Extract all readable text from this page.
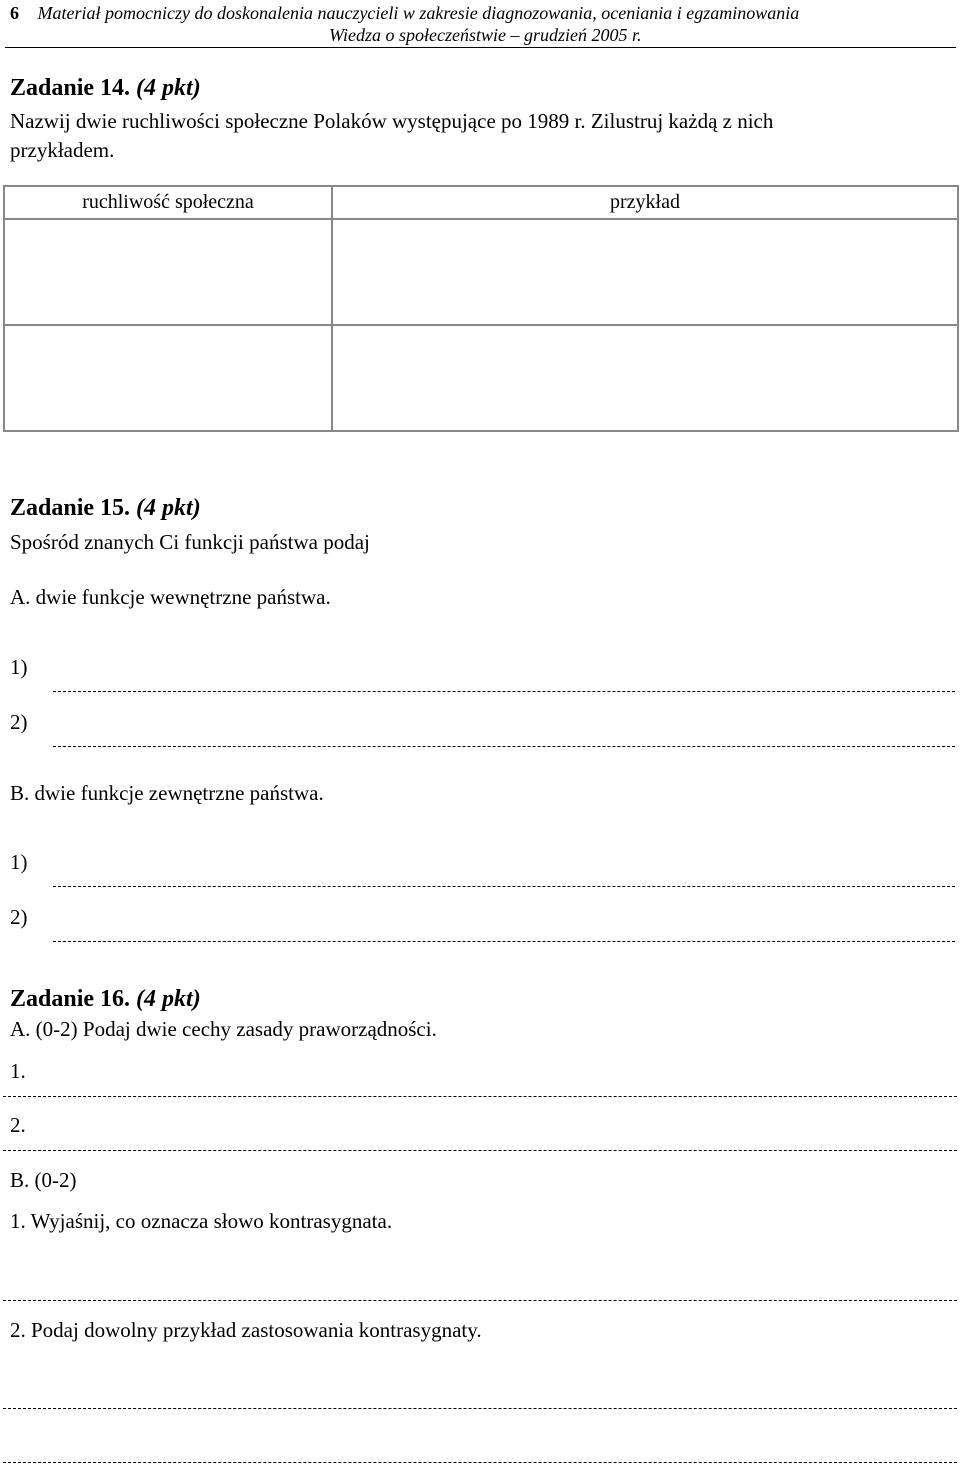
6 Materiał pomocniczy do doskonalenia nauczycieli w zakresie diagnozowania, oceniania i egzaminowania
Wiedza o społeczeństwie – grudzień 2005 r.
Zadanie 14. (4 pkt)
Nazwij dwie ruchliwości społeczne Polaków występujące po 1989 r. Zilustruj każdą z nich
przykładem.
ruchliwość społeczna	przykład

Zadanie 15. (4 pkt)
Spośród znanych Ci funkcji państwa podaj
A. dwie funkcje wewnętrzne państwa.
1)
2)
B. dwie funkcje zewnętrzne państwa.
1)
2)
Zadanie 16. (4 pkt)
A. (0-2) Podaj dwie cechy zasady praworządności.
1.
2.
B. (0-2)
1. Wyjaśnij, co oznacza słowo kontrasygnata.
2. Podaj dowolny przykład zastosowania kontrasygnaty.
